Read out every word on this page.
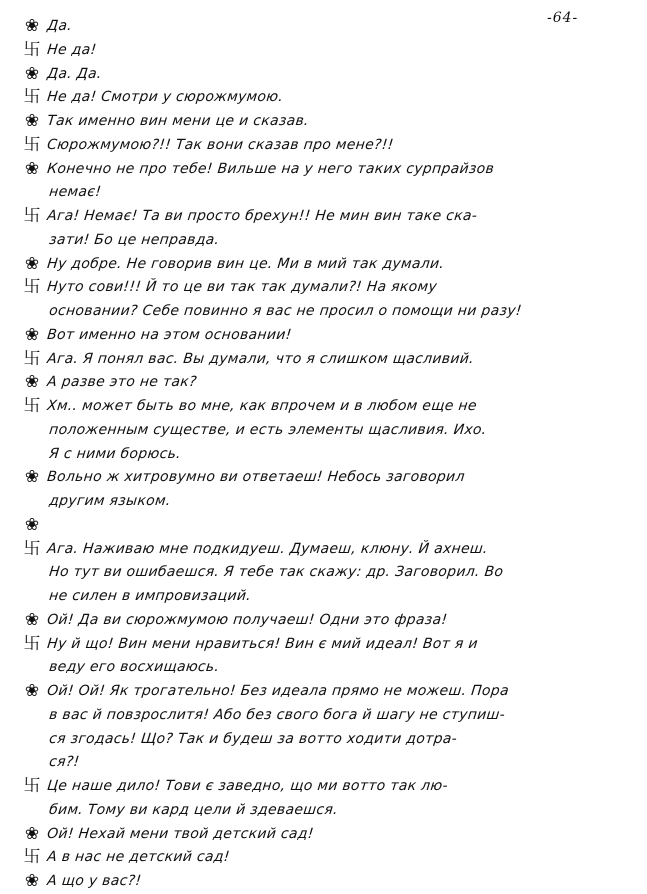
-64-
❀ Да.
卐 Не да!
❀ Да. Да.
卐 Не да! Смотри у сюрожмумою.
❀ Так именно вин мени це и сказав.
卐 Сюрожмумою?!! Так вони сказав про мене?!!
❀ Конечно не про тебе! Вильше на у него таких сурпрайзов
немає!
卐 Ага! Немає! Та ви просто брехун!! Не мин вин таке ска-
зати! Бо це неправда.
❀ Ну добре. Не говорив вин це. Ми в мий так думали.
卐 Нуто сови!!! Й то це ви так так думали?! На якому
основании? Себе повинно я вас не просил о помощи ни разу!
❀ Вот именно на этом основании!
卐 Ага. Я понял вас. Вы думали, что я слишком щасливий.
❀ А разве это не так?
卐 Хм.. может быть во мне, как впрочем и в любом еще не
положенным существе, и есть элементы щасливия. Ихо.
Я с ними борюсь.
❀ Вольно ж хитровумно ви ответаеш! Небось заговорил
другим языком.
❀
卐 Ага. Наживаю мне подкидуеш. Думаеш, клюну. Й ахнеш.
Но тут ви ошибаешся. Я тебе так скажу: др. Заговорил. Во
не силен в импровизаций.
❀ Ой! Да ви сюрожмумою получаеш! Одни это фраза!
卐 Ну й що! Вин мени нравиться! Вин є мий идеал! Вот я и
веду его восхищаюсь.
❀ Ой! Ой! Як трогательно! Без идеала прямо не можеш. Пора
в вас й повзрослитя! Або без свого бога й шагу не ступиш-
ся згодась! Що? Так и будеш за вотто ходити дотра-
ся?!
卐 Це наше дило! Тови є заведно, що ми вотто так лю-
бим. Тому ви кард цели й здеваешся.
❀ Ой! Нехай мени твой детский сад!
卐 А в нас не детский сад!
❀ А що у вас?!
